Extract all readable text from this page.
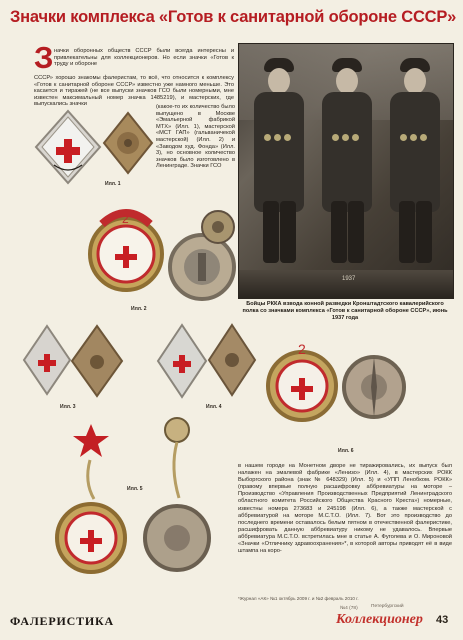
Значки комплекса «Готов к санитарной обороне СССР»
З начки оборонных обществ СССР были всегда интересны и привлекательны для коллекционеров. Но если значки «Готов к труду и обороне
СССР» хорошо знакомы фалеристам, то всё, что относится к комплексу «Готов к санитарной обороне СССР» известно уже намного меньше. Это касается и тиражей (не все выпуски значков ГСО были номерными, мне известен максимальный номер значка 1485219), и мастерских, где выпускались значки	(какое-то их количество было выпущено в Москве «Эмальерной фабрикой МТХ» (Илл. 1), мастерской «МСТ ГАП» (гальваничекой мастерской) (Илл. 2) и «Заводом худ. Фонда» (Илл. 3), но основное количество значков было изготовлено в Ленинграде. Значки ГСО
Илл. 1
2
Илл. 2
Илл. 3	Илл. 4
2
Илл. 6
Илл. 5
1937
Бойцы РККА взвода конной разведки Кронштадтского кавалерийского полка со значками комплекса «Готов к санитарной обороне СССР», июнь 1937 года
в нашем городе на Монетном дворе не тиражировались, их выпуск был налажен на эмалевой фабрике «Ленизо» (Илл. 4), в мастерских РОКК Выборгского района (знак № 648329) (Илл. 5) и «УПП Ленобком. РОКК» (правому впервые полную расшифровку аббревиатуры на моторе – Производство «Управления Производственных Предприятий Ленинградского областного комитета Российского Общества Красного Креста») номерные, известны номера 273683 и 245198 (Илл. 6), а также мастерской с аббревиатурой на моторе М.С.Т.О. (Илл. 7). Вот это производство до последнего времени оставалось белым пятном в отечественной фалеристике, расшифровать данную аббревиатуру никому не удавалось. Впервые аббревиатура М.С.Т.О. встретилась мне в статье А. Фуголева и О. Мироновой «Значки «Отличнику здравоохранения»*, в которой авторы приводят её в виде штампа на коро-
*Журнал «АК» №1 октябрь 2009 г. и №2 февраль 2010 г.
ФАЛЕРИСТИКА
№4 (78)	Петербургский
Коллекционер 43
